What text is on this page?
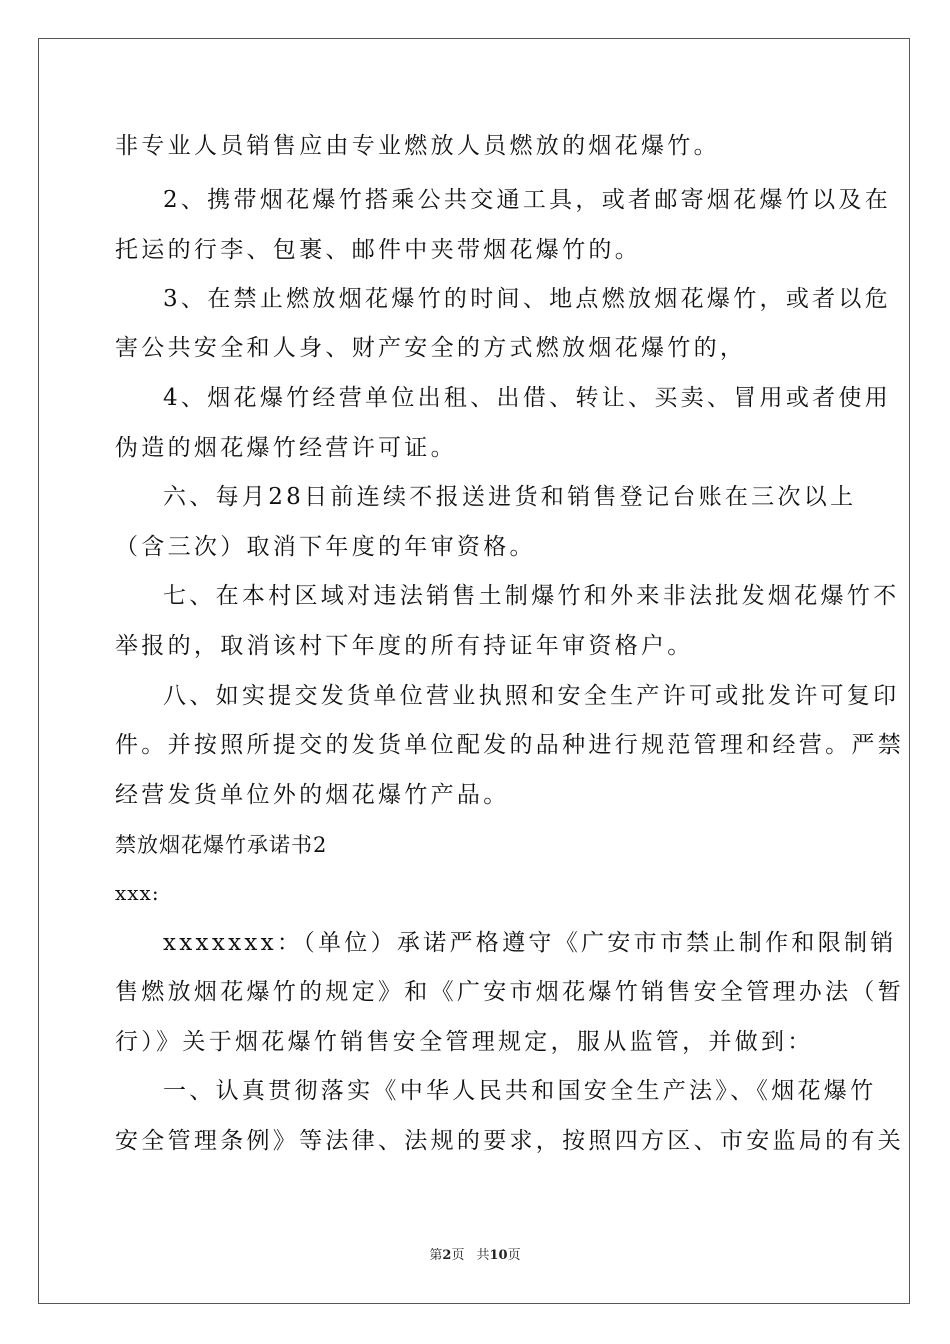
非专业人员销售应由专业燃放人员燃放的烟花爆竹。
2、携带烟花爆竹搭乘公共交通工具，或者邮寄烟花爆竹以及在
托运的行李、包裹、邮件中夹带烟花爆竹的。
3、在禁止燃放烟花爆竹的时间、地点燃放烟花爆竹，或者以危
害公共安全和人身、财产安全的方式燃放烟花爆竹的，
4、烟花爆竹经营单位出租、出借、转让、买卖、冒用或者使用
伪造的烟花爆竹经营许可证。
六、每月28日前连续不报送进货和销售登记台账在三次以上
（含三次）取消下年度的年审资格。
七、在本村区域对违法销售土制爆竹和外来非法批发烟花爆竹不
举报的，取消该村下年度的所有持证年审资格户。
八、如实提交发货单位营业执照和安全生产许可或批发许可复印
件。并按照所提交的发货单位配发的品种进行规范管理和经营。严禁
经营发货单位外的烟花爆竹产品。
禁放烟花爆竹承诺书2
xxx:
xxxxxxx：（单位）承诺严格遵守《广安市市禁止制作和限制销
售燃放烟花爆竹的规定》和《广安市烟花爆竹销售安全管理办法（暂
行）》关于烟花爆竹销售安全管理规定，服从监管，并做到：
一、认真贯彻落实《中华人民共和国安全生产法》、《烟花爆竹
安全管理条例》等法律、法规的要求，按照四方区、市安监局的有关
第2页 共10页
